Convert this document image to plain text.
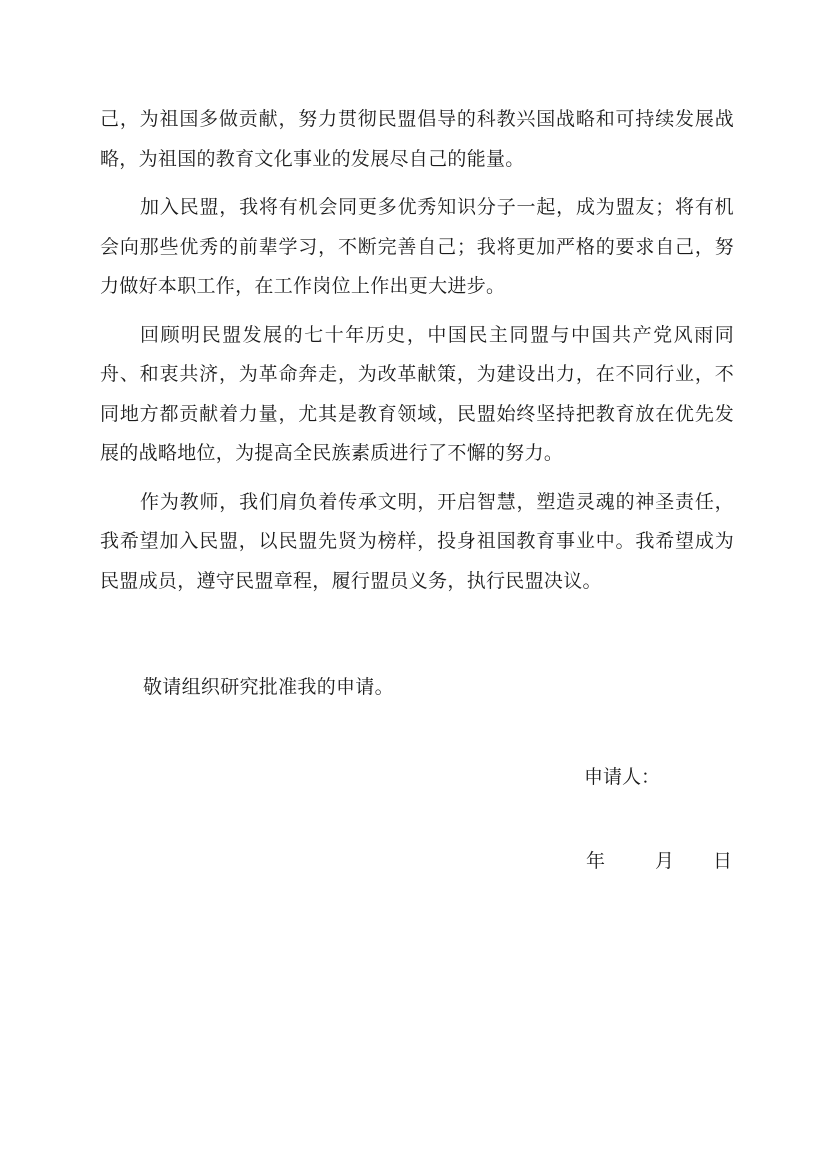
己，为祖国多做贡献，努力贯彻民盟倡导的科教兴国战略和可持续发展战略，为祖国的教育文化事业的发展尽自己的能量。

加入民盟，我将有机会同更多优秀知识分子一起，成为盟友；将有机会向那些优秀的前辈学习，不断完善自己；我将更加严格的要求自己，努力做好本职工作，在工作岗位上作出更大进步。

回顾明民盟发展的七十年历史，中国民主同盟与中国共产党风雨同舟、和衷共济，为革命奔走，为改革献策，为建设出力，在不同行业，不同地方都贡献着力量，尤其是教育领域，民盟始终坚持把教育放在优先发展的战略地位，为提高全民族素质进行了不懈的努力。

作为教师，我们肩负着传承文明，开启智慧，塑造灵魂的神圣责任，我希望加入民盟，以民盟先贤为榜样，投身祖国教育事业中。我希望成为民盟成员，遵守民盟章程，履行盟员义务，执行民盟决议。

敬请组织研究批准我的申请。
申请人：
年	月 日
